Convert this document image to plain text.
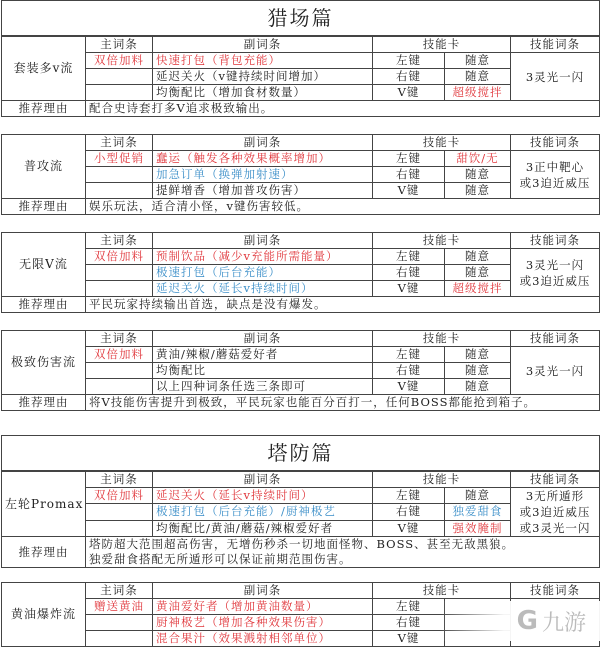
猎场篇
套装多v流	主词条	副词条	技能卡		技能词条
	双倍加料	快速打包（背包充能）	左键	随意	3灵光一闪
		延迟关火（v键持续时间增加）	右键	随意	
		均衡配比（增加食材数量）	V键	超级搅拌	
推荐理由	配合史诗套打多V追求极致输出。				
普攻流	主词条	副词条	技能卡		技能词条
	小型促销	蠢运（触发各种效果概率增加）	左键	甜饮/无	3正中靶心
或3迫近威压
		加急订单（换弹加射速）	右键	随意	
		提鲜增香（增加普攻伤害）	V键	随意	
推荐理由	娱乐玩法，适合清小怪，v键伤害较低。				
无限V流	主词条	副词条	技能卡		技能词条
	双倍加料	预制饮品（减少v充能所需能量）	左键	随意	3灵光一闪
或3迫近威压
		极速打包（后台充能）	右键	随意	
		延迟关火（延长v持续时间）	V键	超级搅拌	
推荐理由	平民玩家持续输出首选，缺点是没有爆发。				
极致伤害流	主词条	副词条	技能卡		技能词条
	双倍加料	黄油/辣椒/蘑菇爱好者	左键	随意	3灵光一闪
		均衡配比	右键	随意	
		以上四种词条任选三条即可	V键	随意	
推荐理由	将V技能伤害提升到极致，平民玩家也能百分百打一，任何BOSS都能抢到箱子。				
塔防篇
左轮Promax	主词条	副词条	技能卡		技能词条
	双倍加料	延迟关火（延长v持续时间）	左键	随意	3无所遁形
或3迫近威压
或3灵光一闪
		极速打包（后台充能）/厨神极艺	右键	独爱甜食	
		均衡配比/黄油/蘑菇/辣椒爱好者	V键	强效腌制	
推荐理由	塔防超大范围超高伤害，无增伤秒杀一切地面怪物、BOSS、甚至无敌黑狼。
独爱甜食搭配无所遁形可以保证前期范围伤害。				
黄油爆炸流	主词条	副词条	技能卡		技能词条
	赠送黄油	黄油爱好者（增加黄油数量）	左键		
		厨神极艺（增加各种效果伤害）	右键		
		混合果汁（效果溅射相邻单位）	V键		
G 九游
